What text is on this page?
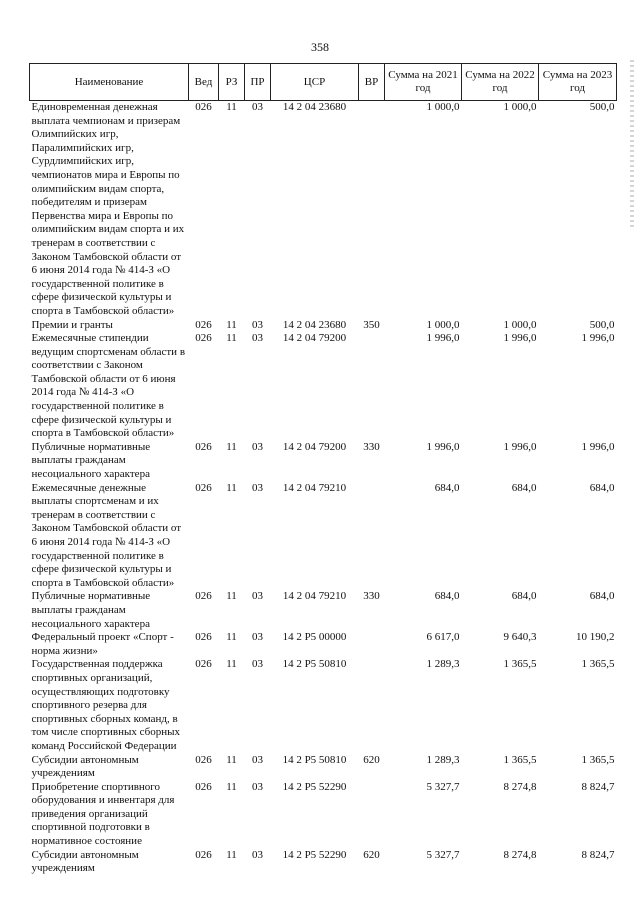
358
Наименование	Вед	РЗ	ПР	ЦСР	ВР	Сумма на 2021 год	Сумма на 2022 год	Сумма на 2023 год
Единовременная денежная выплата чемпионам и призерам Олимпийских игр, Паралимпийских игр, Сурдлимпийских игр, чемпионатов мира и Европы по олимпийским видам спорта, победителям и призерам Первенства мира и Европы по олимпийским видам спорта и их тренерам в соответствии с Законом Тамбовской области от 6 июня 2014 года № 414-З «О государственной политике в сфере физической культуры и спорта в Тамбовской области»	026	11	03	14 2 04 23680		1 000,0	1 000,0	500,0
Премии и гранты	026	11	03	14 2 04 23680	350	1 000,0	1 000,0	500,0
Ежемесячные стипендии ведущим спортсменам области в соответствии с Законом Тамбовской области от 6 июня 2014 года № 414-З «О государственной политике в сфере физической культуры и спорта в Тамбовской области»	026	11	03	14 2 04 79200		1 996,0	1 996,0	1 996,0
Публичные нормативные выплаты гражданам несоциального характера	026	11	03	14 2 04 79200	330	1 996,0	1 996,0	1 996,0
Ежемесячные денежные выплаты спортсменам и их тренерам в соответствии с Законом Тамбовской области от 6 июня 2014 года № 414-З «О государственной политике в сфере физической культуры и спорта в Тамбовской области»	026	11	03	14 2 04 79210		684,0	684,0	684,0
Публичные нормативные выплаты гражданам несоциального характера	026	11	03	14 2 04 79210	330	684,0	684,0	684,0
Федеральный проект «Спорт - норма жизни»	026	11	03	14 2 P5 00000		6 617,0	9 640,3	10 190,2
Государственная поддержка спортивных организаций, осуществляющих подготовку спортивного резерва для спортивных сборных команд, в том числе спортивных сборных команд Российской Федерации	026	11	03	14 2 P5 50810		1 289,3	1 365,5	1 365,5
Субсидии автономным учреждениям	026	11	03	14 2 P5 50810	620	1 289,3	1 365,5	1 365,5
Приобретение спортивного оборудования и инвентаря для приведения организаций спортивной подготовки в нормативное состояние	026	11	03	14 2 P5 52290		5 327,7	8 274,8	8 824,7
Субсидии автономным учреждениям	026	11	03	14 2 P5 52290	620	5 327,7	8 274,8	8 824,7
